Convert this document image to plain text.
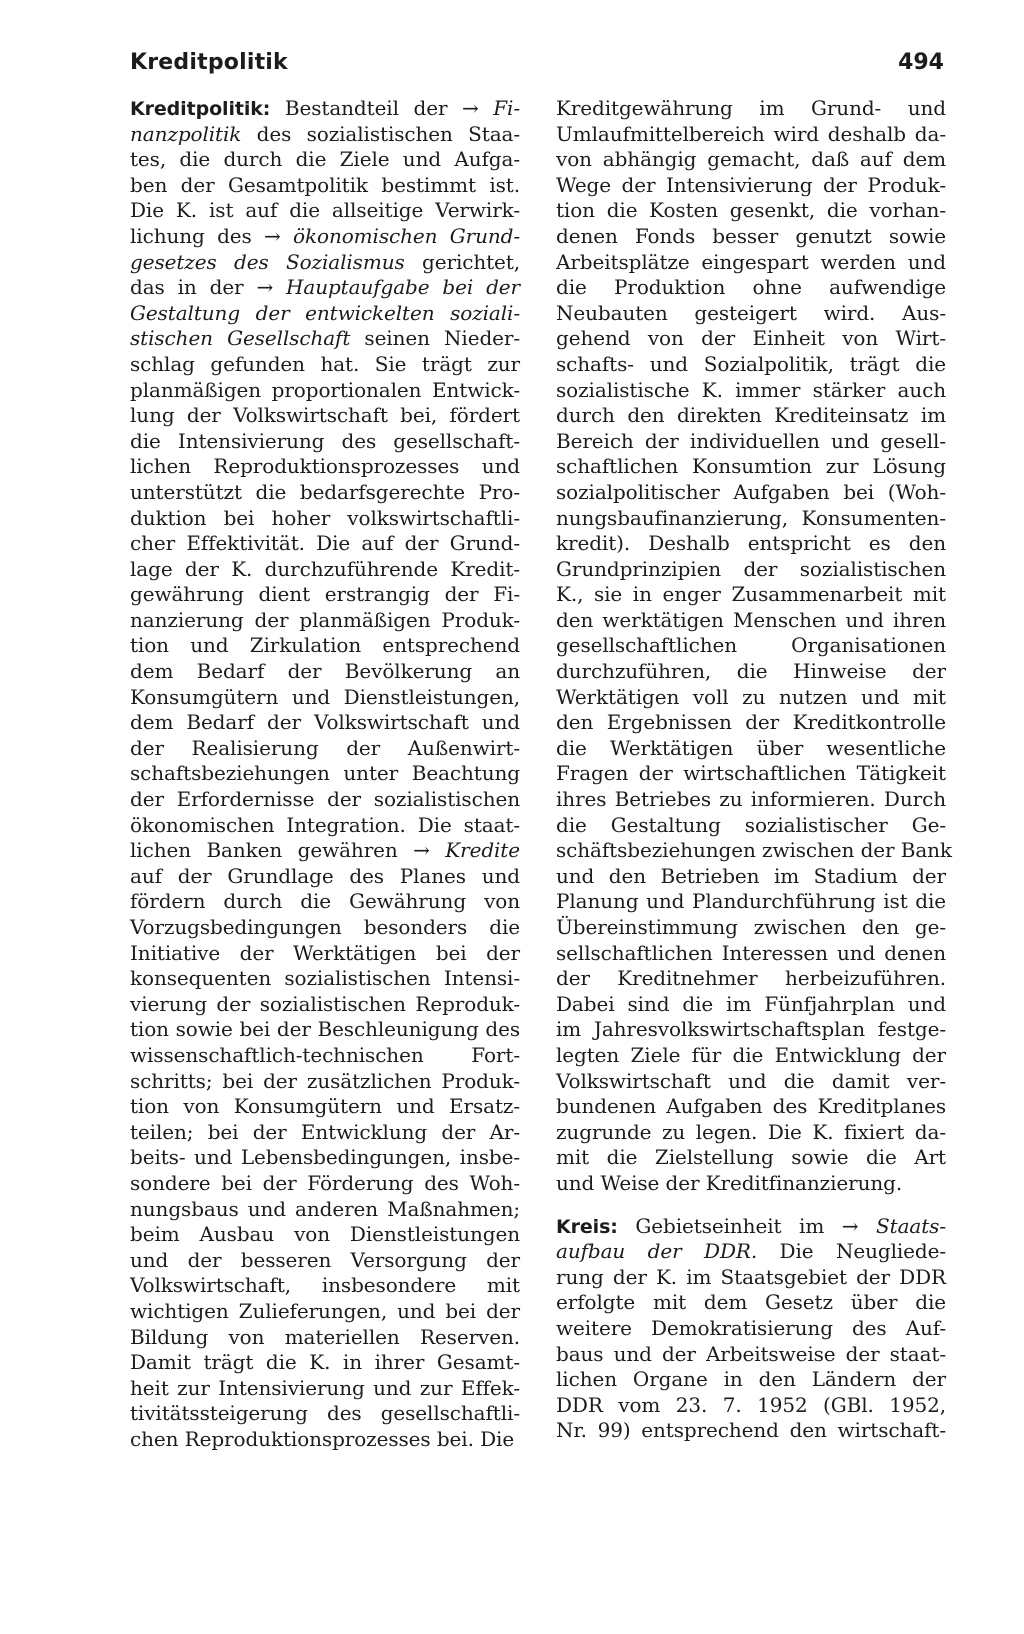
Kreditpolitik	494
Kreditpolitik: Bestandteil der → Fi-
nanzpolitik des sozialistischen Staa-
tes, die durch die Ziele und Aufga-
ben der Gesamtpolitik bestimmt ist.
Die K. ist auf die allseitige Verwirk-
lichung des → ökonomischen Grund-
gesetzes des Sozialismus gerichtet,
das in der → Hauptaufgabe bei der
Gestaltung der entwickelten soziali-
stischen Gesellschaft seinen Nieder-
schlag gefunden hat. Sie trägt zur
planmäßigen proportionalen Entwick-
lung der Volkswirtschaft bei, fördert
die Intensivierung des gesellschaft-
lichen Reproduktionsprozesses und
unterstützt die bedarfsgerechte Pro-
duktion bei hoher volkswirtschaftli-
cher Effektivität. Die auf der Grund-
lage der K. durchzuführende Kredit-
gewährung dient erstrangig der Fi-
nanzierung der planmäßigen Produk-
tion und Zirkulation entsprechend
dem Bedarf der Bevölkerung an
Konsumgütern und Dienstleistungen,
dem Bedarf der Volkswirtschaft und
der Realisierung der Außenwirt-
schaftsbeziehungen unter Beachtung
der Erfordernisse der sozialistischen
ökonomischen Integration. Die staat-
lichen Banken gewähren → Kredite
auf der Grundlage des Planes und
fördern durch die Gewährung von
Vorzugsbedingungen besonders die
Initiative der Werktätigen bei der
konsequenten sozialistischen Intensi-
vierung der sozialistischen Reproduk-
tion sowie bei der Beschleunigung des
wissenschaftlich-technischen Fort-
schritts; bei der zusätzlichen Produk-
tion von Konsumgütern und Ersatz-
teilen; bei der Entwicklung der Ar-
beits- und Lebensbedingungen, insbe-
sondere bei der Förderung des Woh-
nungsbaus und anderen Maßnahmen;
beim Ausbau von Dienstleistungen
und der besseren Versorgung der
Volkswirtschaft, insbesondere mit
wichtigen Zulieferungen, und bei der
Bildung von materiellen Reserven.
Damit trägt die K. in ihrer Gesamt-
heit zur Intensivierung und zur Effek-
tivitätssteigerung des gesellschaftli-
chen Reproduktionsprozesses bei. Die
Kreditgewährung im Grund- und
Umlaufmittelbereich wird deshalb da-
von abhängig gemacht, daß auf dem
Wege der Intensivierung der Produk-
tion die Kosten gesenkt, die vorhan-
denen Fonds besser genutzt sowie
Arbeitsplätze eingespart werden und
die Produktion ohne aufwendige
Neubauten gesteigert wird. Aus-
gehend von der Einheit von Wirt-
schafts- und Sozialpolitik, trägt die
sozialistische K. immer stärker auch
durch den direkten Krediteinsatz im
Bereich der individuellen und gesell-
schaftlichen Konsumtion zur Lösung
sozialpolitischer Aufgaben bei (Woh-
nungsbaufinanzierung, Konsumenten-
kredit). Deshalb entspricht es den
Grundprinzipien der sozialistischen
K., sie in enger Zusammenarbeit mit
den werktätigen Menschen und ihren
gesellschaftlichen Organisationen
durchzuführen, die Hinweise der
Werktätigen voll zu nutzen und mit
den Ergebnissen der Kreditkontrolle
die Werktätigen über wesentliche
Fragen der wirtschaftlichen Tätigkeit
ihres Betriebes zu informieren. Durch
die Gestaltung sozialistischer Ge-
schäftsbeziehungen zwischen der Bank
und den Betrieben im Stadium der
Planung und Plandurchführung ist die
Übereinstimmung zwischen den ge-
sellschaftlichen Interessen und denen
der Kreditnehmer herbeizuführen.
Dabei sind die im Fünfjahrplan und
im Jahresvolkswirtschaftsplan festge-
legten Ziele für die Entwicklung der
Volkswirtschaft und die damit ver-
bundenen Aufgaben des Kreditplanes
zugrunde zu legen. Die K. fixiert da-
mit die Zielstellung sowie die Art
und Weise der Kreditfinanzierung.
Kreis: Gebietseinheit im → Staats-
aufbau der DDR. Die Neugliede-
rung der K. im Staatsgebiet der DDR
erfolgte mit dem Gesetz über die
weitere Demokratisierung des Auf-
baus und der Arbeitsweise der staat-
lichen Organe in den Ländern der
DDR vom 23. 7. 1952 (GBl. 1952,
Nr. 99) entsprechend den wirtschaft-
